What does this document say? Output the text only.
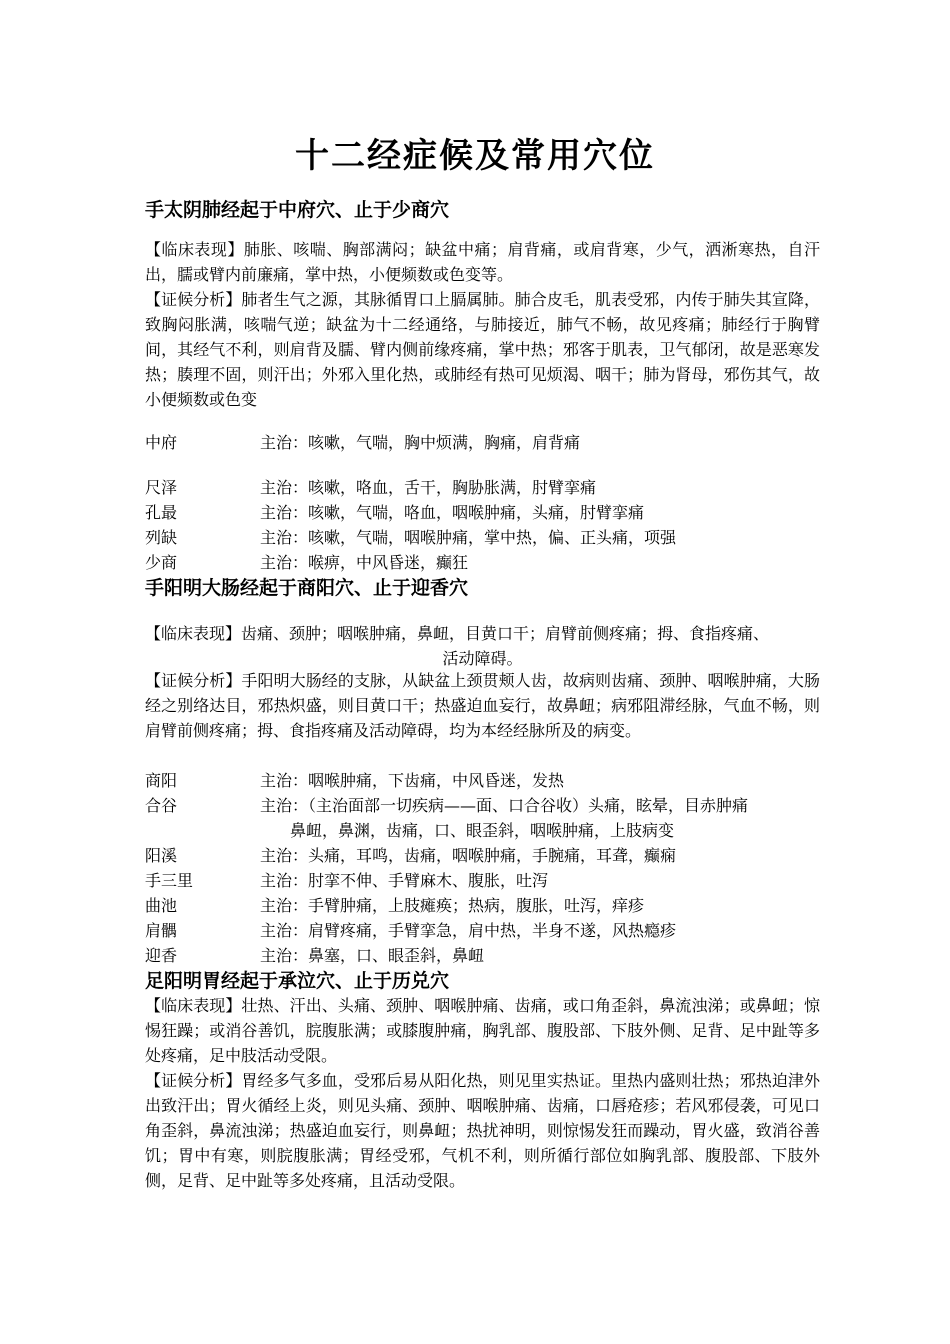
十二经症候及常用穴位
手太阴肺经起于中府穴、止于少商穴
【临床表现】肺胀、咳喘、胸部满闷；缺盆中痛；肩背痛，或肩背寒，少气，洒淅寒热，自汗出，臑或臂内前廉痛，掌中热，小便频数或色变等。
【证候分析】肺者生气之源，其脉循胃口上膈属肺。肺合皮毛，肌表受邪，内传于肺失其宣降，致胸闷胀满，咳喘气逆；缺盆为十二经通络，与肺接近，肺气不畅，故见疼痛；肺经行于胸臂间，其经气不利，则肩背及臑、臂内侧前缘疼痛，掌中热；邪客于肌表，卫气郁闭，故是恶寒发热；腠理不固，则汗出；外邪入里化热，或肺经有热可见烦渴、咽干；肺为肾母，邪伤其气，故小便频数或色变
中府	主治：咳嗽，气喘，胸中烦满，胸痛，肩背痛
尺泽	主治：咳嗽，咯血，舌干，胸胁胀满，肘臂挛痛
孔最	主治：咳嗽，气喘，咯血，咽喉肿痛，头痛，肘臂挛痛
列缺	主治：咳嗽，气喘，咽喉肿痛，掌中热，偏、正头痛，项强
少商	主治：喉痹，中风昏迷，癫狂
手阳明大肠经起于商阳穴、止于迎香穴
【临床表现】齿痛、颈肿；咽喉肿痛，鼻衄，目黄口干；肩臂前侧疼痛；拇、食指疼痛、
活动障碍。
【证候分析】手阳明大肠经的支脉，从缺盆上颈贯颊人齿，故病则齿痛、颈肿、咽喉肿痛，大肠经之别络达目，邪热炽盛，则目黄口干；热盛迫血妄行，故鼻衄；病邪阻滞经脉，气血不畅，则肩臂前侧疼痛；拇、食指疼痛及活动障碍，均为本经经脉所及的病变。
商阳	主治：咽喉肿痛，下齿痛，中风昏迷，发热
合谷	主治：（主治面部一切疾病——面、口合谷收）头痛，眩晕，目赤肿痛
鼻衄，鼻渊，齿痛，口、眼歪斜，咽喉肿痛，上肢病变
阳溪	主治：头痛，耳鸣，齿痛，咽喉肿痛，手腕痛，耳聋，癫痫
手三里	主治：肘挛不伸、手臂麻木、腹胀，吐泻
曲池	主治：手臂肿痛，上肢瘫痪；热病，腹胀，吐泻，痒疹
肩髃	主治：肩臂疼痛，手臂挛急，肩中热，半身不遂，风热瘾疹
迎香	主治：鼻塞，口、眼歪斜，鼻衄
足阳明胃经起于承泣穴、止于历兑穴
【临床表现】壮热、汗出、头痛、颈肿、咽喉肿痛、齿痛，或口角歪斜，鼻流浊涕；或鼻衄；惊惕狂躁；或消谷善饥，脘腹胀满；或膝腹肿痛，胸乳部、腹股部、下肢外侧、足背、足中趾等多处疼痛，足中肢活动受限。
【证候分析】胃经多气多血，受邪后易从阳化热，则见里实热证。里热内盛则壮热；邪热迫津外出致汗出；胃火循经上炎，则见头痛、颈肿、咽喉肿痛、齿痛，口唇疮疹；若风邪侵袭，可见口角歪斜，鼻流浊涕；热盛迫血妄行，则鼻衄；热扰神明，则惊惕发狂而躁动，胃火盛，致消谷善饥；胃中有寒，则脘腹胀满；胃经受邪，气机不利，则所循行部位如胸乳部、腹股部、下肢外侧，足背、足中趾等多处疼痛，且活动受限。
